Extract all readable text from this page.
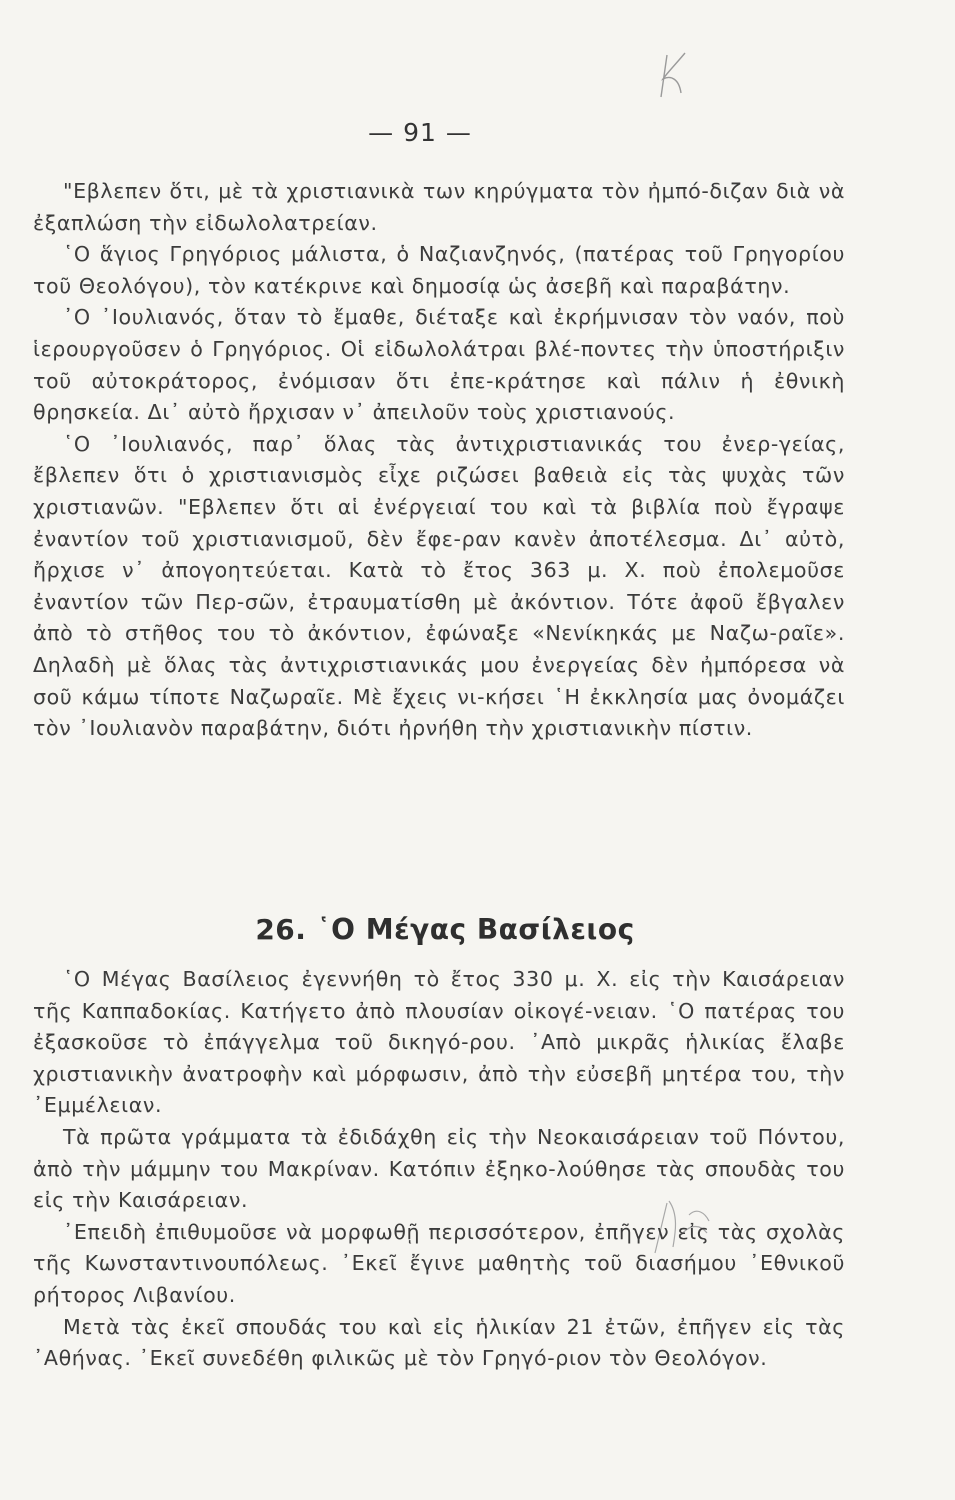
— 91 —

"Εβλεπεν ὅτι, μὲ τὰ χριστιανικὰ των κηρύγματα τὸν ἠμπό-διζαν διὰ νὰ ἐξαπλώση τὴν εἰδωλολατρείαν.

῾Ο ἅγιος Γρηγόριος μάλιστα, ὁ Ναζιανζηνός, (πατέρας τοῦ Γρηγορίου τοῦ Θεολόγου), τὸν κατέκρινε καὶ δημοσίᾳ ὡς ἀσεβῆ καὶ παραβάτην.

᾽Ο ᾽Ιουλιανός, ὅταν τὸ ἔμαθε, διέταξε καὶ ἐκρήμνισαν τὸν ναόν, ποὺ ἱερουργοῦσεν ὁ Γρηγόριος. Οἱ εἰδωλολάτραι βλέ-ποντες τὴν ὑποστήριξιν τοῦ αὐτοκράτορος, ἐνόμισαν ὅτι ἐπε-κράτησε καὶ πάλιν ἡ ἐθνικὴ θρησκεία. Δι᾽ αὐτὸ ἤρχισαν ν᾽ ἀπειλοῦν τοὺς χριστιανούς.

῾Ο ᾽Ιουλιανός, παρ᾽ ὅλας τὰς ἀντιχριστιανικάς του ἐνερ-γείας, ἔβλεπεν ὅτι ὁ χριστιανισμὸς εἶχε ριζώσει βαθειὰ εἰς τὰς ψυχὰς τῶν χριστιανῶν. "Εβλεπεν ὅτι αἱ ἐνέργειαί του καὶ τὰ βιβλία ποὺ ἔγραψε ἐναντίον τοῦ χριστιανισμοῦ, δὲν ἔφε-ραν κανὲν ἀποτέλεσμα. Δι᾽ αὐτὸ, ἤρχισε ν᾽ ἀπογοητεύεται. Κατὰ τὸ ἔτος 363 μ. Χ. ποὺ ἐπολεμοῦσε ἐναντίον τῶν Περ-σῶν, ἐτραυματίσθη μὲ ἀκόντιον. Τότε ἀφοῦ ἔβγαλεν ἀπὸ τὸ στῆθος του τὸ ἀκόντιον, ἐφώναξε «Νενίκηκάς με Ναζω-ραῖε». Δηλαδὴ μὲ ὅλας τὰς ἀντιχριστιανικάς μου ἐνεργείας δὲν ἠμπόρεσα νὰ σοῦ κάμω τίποτε Ναζωραῖε. Μὲ ἔχεις νι-κήσει ῾Η ἐκκλησία μας ὀνομάζει τὸν ᾽Ιουλιανὸν παραβάτην, διότι ἠρνήθη τὴν χριστιανικὴν πίστιν.

26. ῾Ο Μέγας Βασίλειος

῾Ο Μέγας Βασίλειος ἐγεννήθη τὸ ἔτος 330 μ. Χ. εἰς τὴν Καισάρειαν τῆς Καππαδοκίας. Κατήγετο ἀπὸ πλουσίαν οἰκογέ-νειαν. ῾Ο πατέρας του ἐξασκοῦσε τὸ ἐπάγγελμα τοῦ δικηγό-ρου. ᾽Απὸ μικρᾶς ἡλικίας ἔλαβε χριστιανικὴν ἀνατροφὴν καὶ μόρφωσιν, ἀπὸ τὴν εὐσεβῆ μητέρα του, τὴν ᾽Εμμέλειαν.

Τὰ πρῶτα γράμματα τὰ ἐδιδάχθη εἰς τὴν Νεοκαισάρειαν τοῦ Πόντου, ἀπὸ τὴν μάμμην του Μακρίναν. Κατόπιν ἐξηκο-λούθησε τὰς σπουδὰς του εἰς τὴν Καισάρειαν.

᾽Επειδὴ ἐπιθυμοῦσε νὰ μορφωθῇ περισσότερον, ἐπῆγεν εἰς τὰς σχολὰς τῆς Κωνσταντινουπόλεως. ᾽Εκεῖ ἔγινε μαθητὴς τοῦ διασήμου ᾽Εθνικοῦ ρήτορος Λιβανίου.

Μετὰ τὰς ἐκεῖ σπουδάς του καὶ εἰς ἡλικίαν 21 ἐτῶν, ἐπῆγεν εἰς τὰς ᾽Αθήνας. ᾽Εκεῖ συνεδέθη φιλικῶς μὲ τὸν Γρηγό-ριον τὸν Θεολόγον.
